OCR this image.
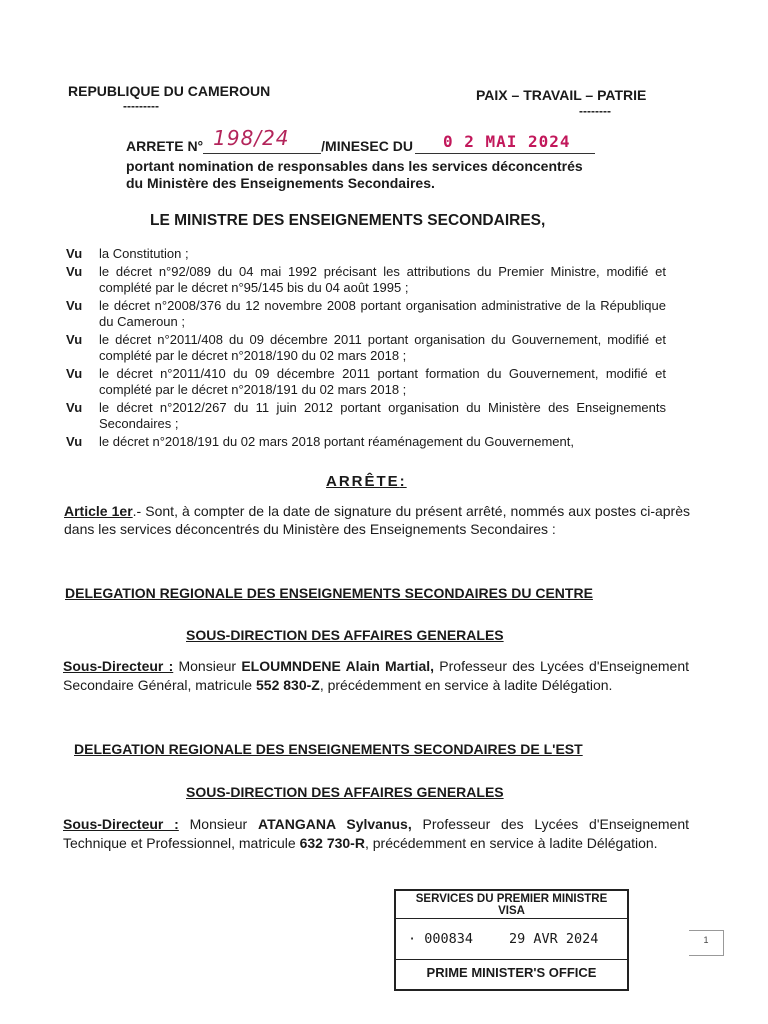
REPUBLIQUE DU CAMEROUN
---------
PAIX – TRAVAIL – PATRIE
--------
ARRETE N° 198/24 /MINESEC DU 0 2 MAI 2024
portant nomination de responsables dans les services déconcentrés
du Ministère des Enseignements Secondaires.
LE MINISTRE DES ENSEIGNEMENTS SECONDAIRES,
Vu la Constitution ;
Vu le décret n°92/089 du 04 mai 1992 précisant les attributions du Premier Ministre, modifié et complété par le décret n°95/145 bis du 04 août 1995 ;
Vu le décret n°2008/376 du 12 novembre 2008 portant organisation administrative de la République du Cameroun ;
Vu le décret n°2011/408 du 09 décembre 2011 portant organisation du Gouvernement, modifié et complété par le décret n°2018/190 du 02 mars 2018 ;
Vu le décret n°2011/410 du 09 décembre 2011 portant formation du Gouvernement, modifié et complété par le décret n°2018/191 du 02 mars 2018 ;
Vu le décret n°2012/267 du 11 juin 2012 portant organisation du Ministère des Enseignements Secondaires ;
Vu le décret n°2018/191 du 02 mars 2018 portant réaménagement du Gouvernement,
ARRÊTE:
Article 1er.- Sont, à compter de la date de signature du présent arrêté, nommés aux postes ci-après dans les services déconcentrés du Ministère des Enseignements Secondaires :
DELEGATION REGIONALE DES ENSEIGNEMENTS SECONDAIRES DU CENTRE
SOUS-DIRECTION DES AFFAIRES GENERALES
Sous-Directeur : Monsieur ELOUMNDENE Alain Martial, Professeur des Lycées d'Enseignement Secondaire Général, matricule 552 830-Z, précédemment en service à ladite Délégation.
DELEGATION REGIONALE DES ENSEIGNEMENTS SECONDAIRES DE L'EST
SOUS-DIRECTION DES AFFAIRES GENERALES
Sous-Directeur : Monsieur ATANGANA Sylvanus, Professeur des Lycées d'Enseignement Technique et Professionnel, matricule 632 730-R, précédemment en service à ladite Délégation.
SERVICES DU PREMIER MINISTRE
VISA
· 000834	29 AVR 2024
PRIME MINISTER'S OFFICE
1
